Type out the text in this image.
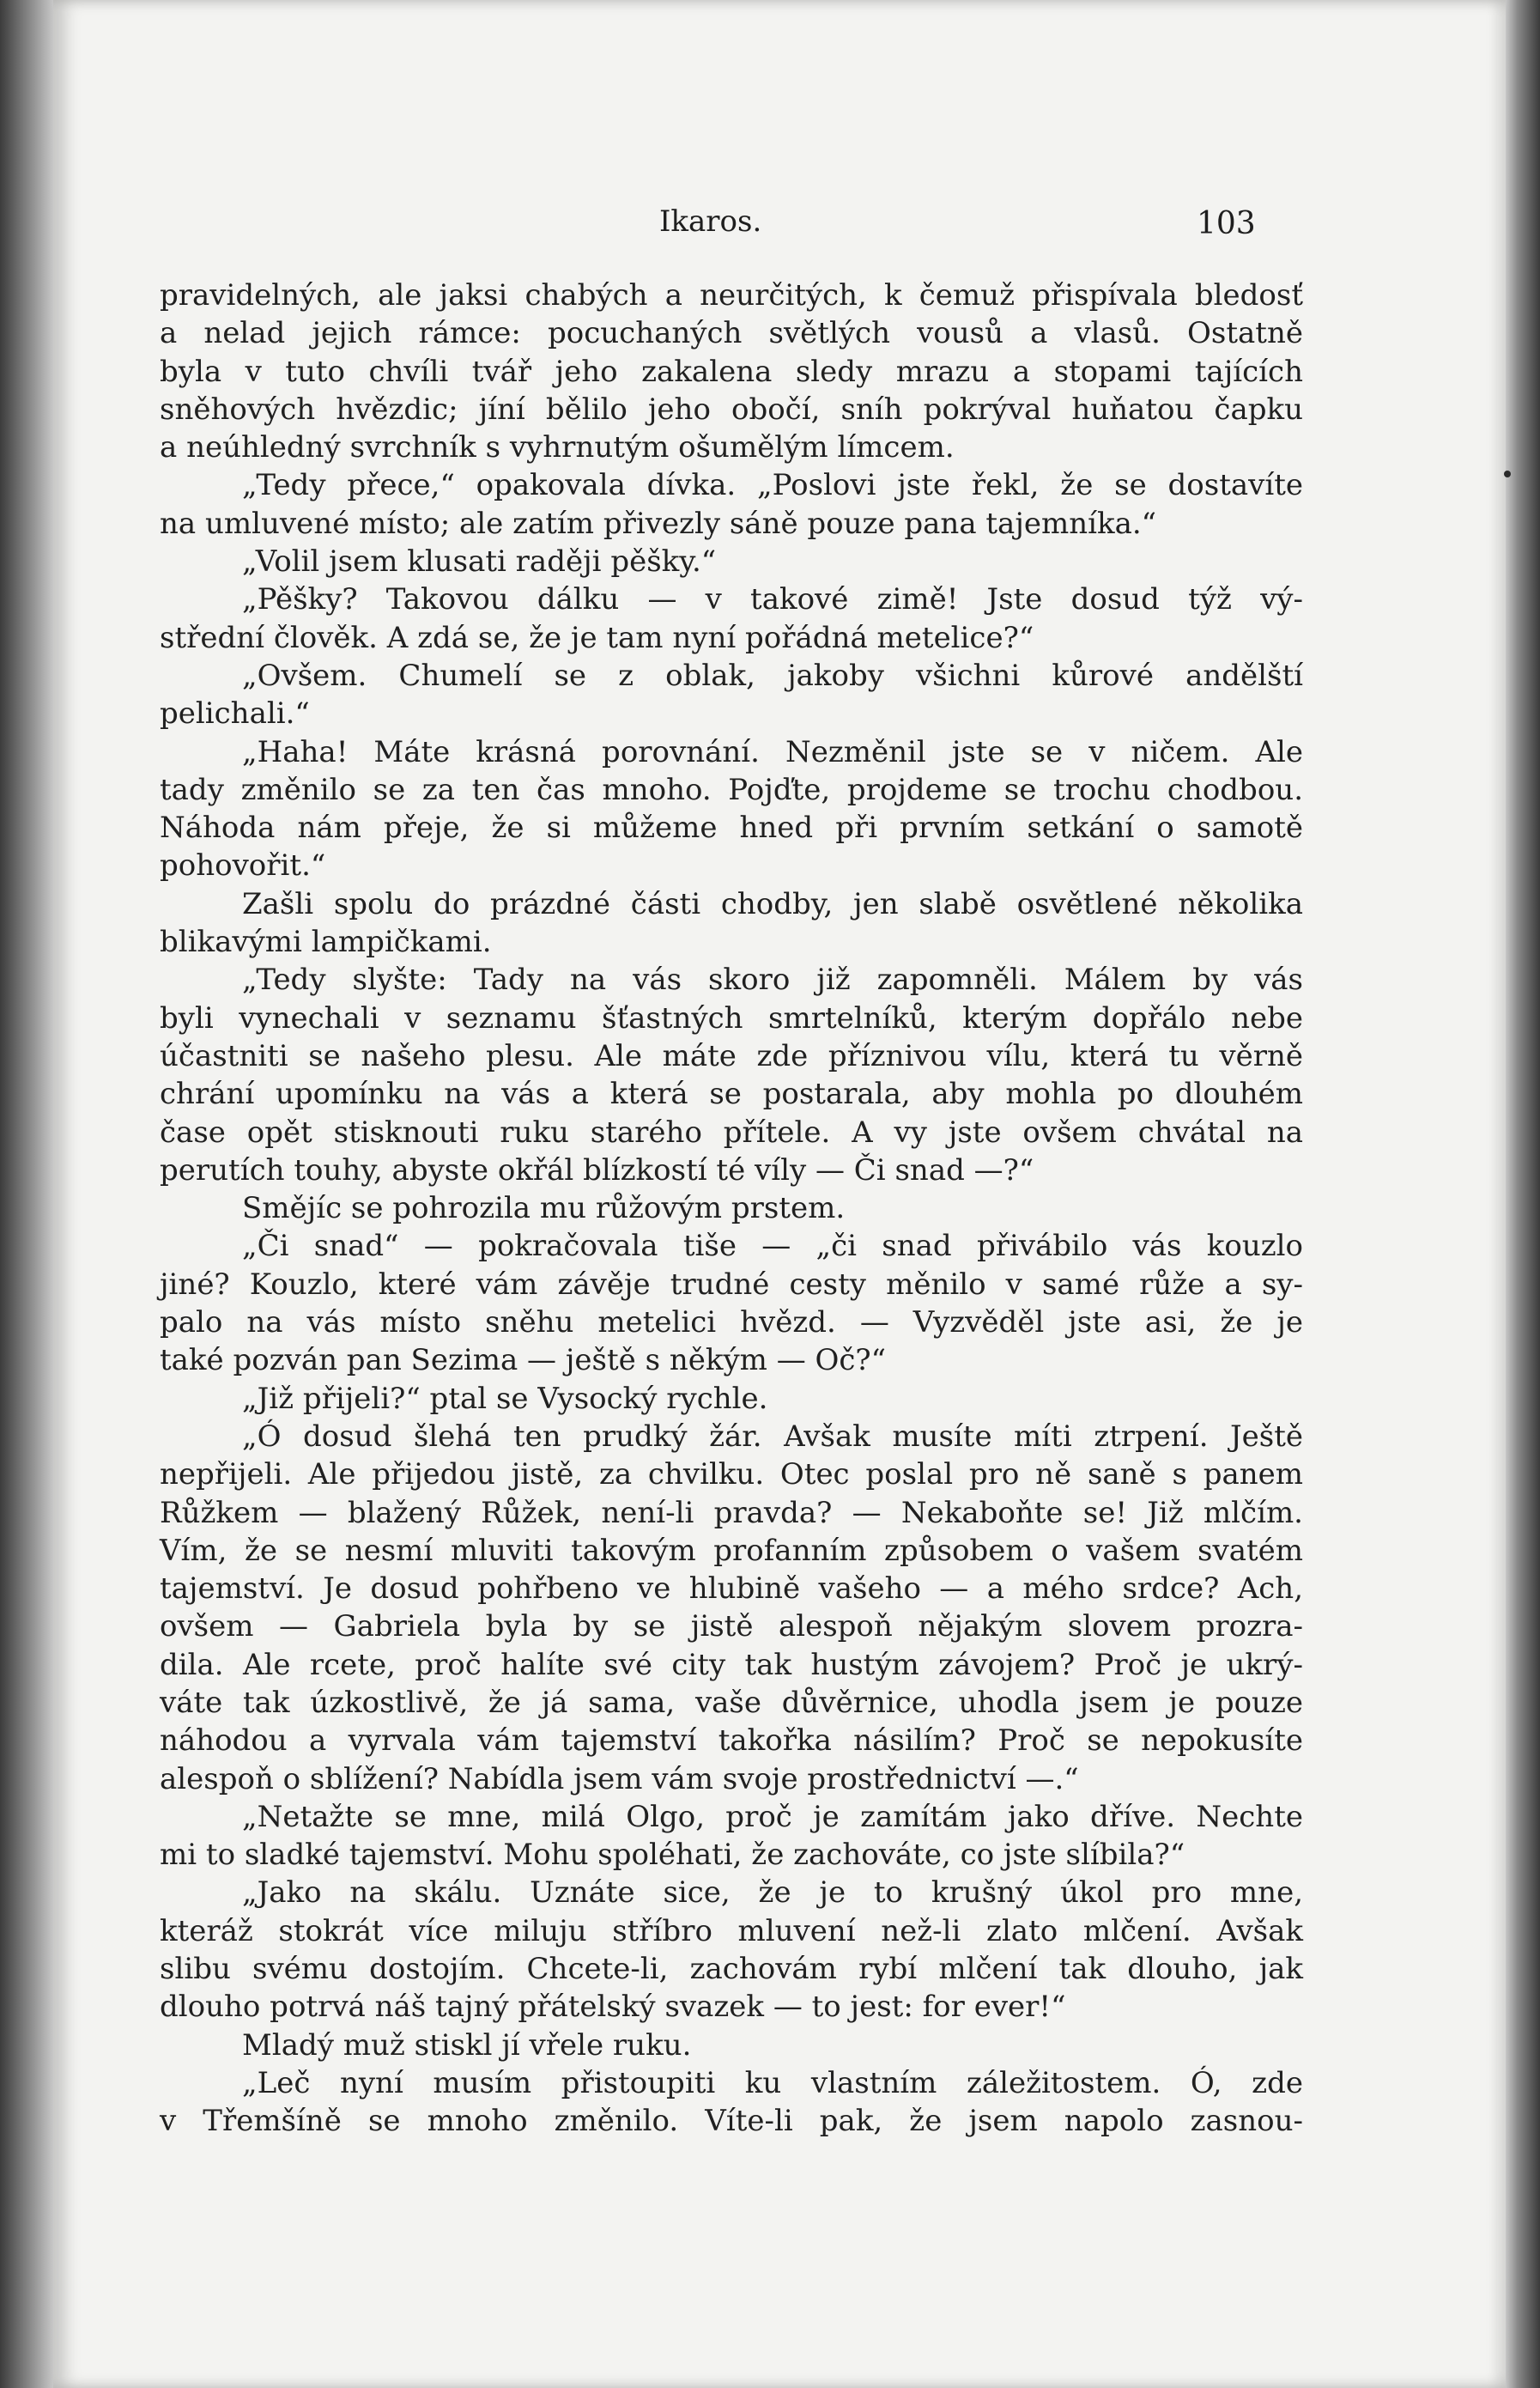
Ikaros.	103
pravidelných, ale jaksi chabých a neurčitých, k čemuž přispívala bledosť
a nelad jejich rámce: pocuchaných světlých vousů a vlasů. Ostatně
byla v tuto chvíli tvář jeho zakalena sledy mrazu a stopami tajících
sněhových hvězdic; jíní bělilo jeho obočí, sníh pokrýval huňatou čapku
a neúhledný svrchník s vyhrnutým ošumělým límcem.
„Tedy přece,“ opakovala dívka. „Poslovi jste řekl, že se dostavíte
na umluvené místo; ale zatím přivezly sáně pouze pana tajemníka.“
„Volil jsem klusati raději pěšky.“
„Pěšky? Takovou dálku — v takové zimě! Jste dosud týž vý-
střední člověk. A zdá se, že je tam nyní pořádná metelice?“
„Ovšem. Chumelí se z oblak, jakoby všichni kůrové andělští
pelichali.“
„Haha! Máte krásná porovnání. Nezměnil jste se v ničem. Ale
tady změnilo se za ten čas mnoho. Pojďte, projdeme se trochu chodbou.
Náhoda nám přeje, že si můžeme hned při prvním setkání o samotě
pohovořit.“
Zašli spolu do prázdné části chodby, jen slabě osvětlené několika
blikavými lampičkami.
„Tedy slyšte: Tady na vás skoro již zapomněli. Málem by vás
byli vynechali v seznamu šťastných smrtelníků, kterým dopřálo nebe
účastniti se našeho plesu. Ale máte zde příznivou vílu, která tu věrně
chrání upomínku na vás a která se postarala, aby mohla po dlouhém
čase opět stisknouti ruku starého přítele. A vy jste ovšem chvátal na
perutích touhy, abyste okřál blízkostí té víly — Či snad —?“
Smějíc se pohrozila mu růžovým prstem.
„Či snad“ — pokračovala tiše — „či snad přivábilo vás kouzlo
jiné? Kouzlo, které vám závěje trudné cesty měnilo v samé růže a sy-
palo na vás místo sněhu metelici hvězd. — Vyzvěděl jste asi, že je
také pozván pan Sezima — ještě s někým — Oč?“
„Již přijeli?“ ptal se Vysocký rychle.
„Ó dosud šlehá ten prudký žár. Avšak musíte míti ztrpení. Ještě
nepřijeli. Ale přijedou jistě, za chvilku. Otec poslal pro ně saně s panem
Růžkem — blažený Růžek, není-li pravda? — Nekaboňte se! Již mlčím.
Vím, že se nesmí mluviti takovým profanním způsobem o vašem svatém
tajemství. Je dosud pohřbeno ve hlubině vašeho — a mého srdce? Ach,
ovšem — Gabriela byla by se jistě alespoň nějakým slovem prozra-
dila. Ale rcete, proč halíte své city tak hustým závojem? Proč je ukrý-
váte tak úzkostlivě, že já sama, vaše důvěrnice, uhodla jsem je pouze
náhodou a vyrvala vám tajemství takořka násilím? Proč se nepokusíte
alespoň o sblížení? Nabídla jsem vám svoje prostřednictví —.“
„Netažte se mne, milá Olgo, proč je zamítám jako dříve. Nechte
mi to sladké tajemství. Mohu spoléhati, že zachováte, co jste slíbila?“
„Jako na skálu. Uznáte sice, že je to krušný úkol pro mne,
kteráž stokrát více miluju stříbro mluvení než-li zlato mlčení. Avšak
slibu svému dostojím. Chcete-li, zachovám rybí mlčení tak dlouho, jak
dlouho potrvá náš tajný přátelský svazek — to jest: for ever!“
Mladý muž stiskl jí vřele ruku.
„Leč nyní musím přistoupiti ku vlastním záležitostem. Ó, zde
v Třemšíně se mnoho změnilo. Víte-li pak, že jsem napolo zasnou-
